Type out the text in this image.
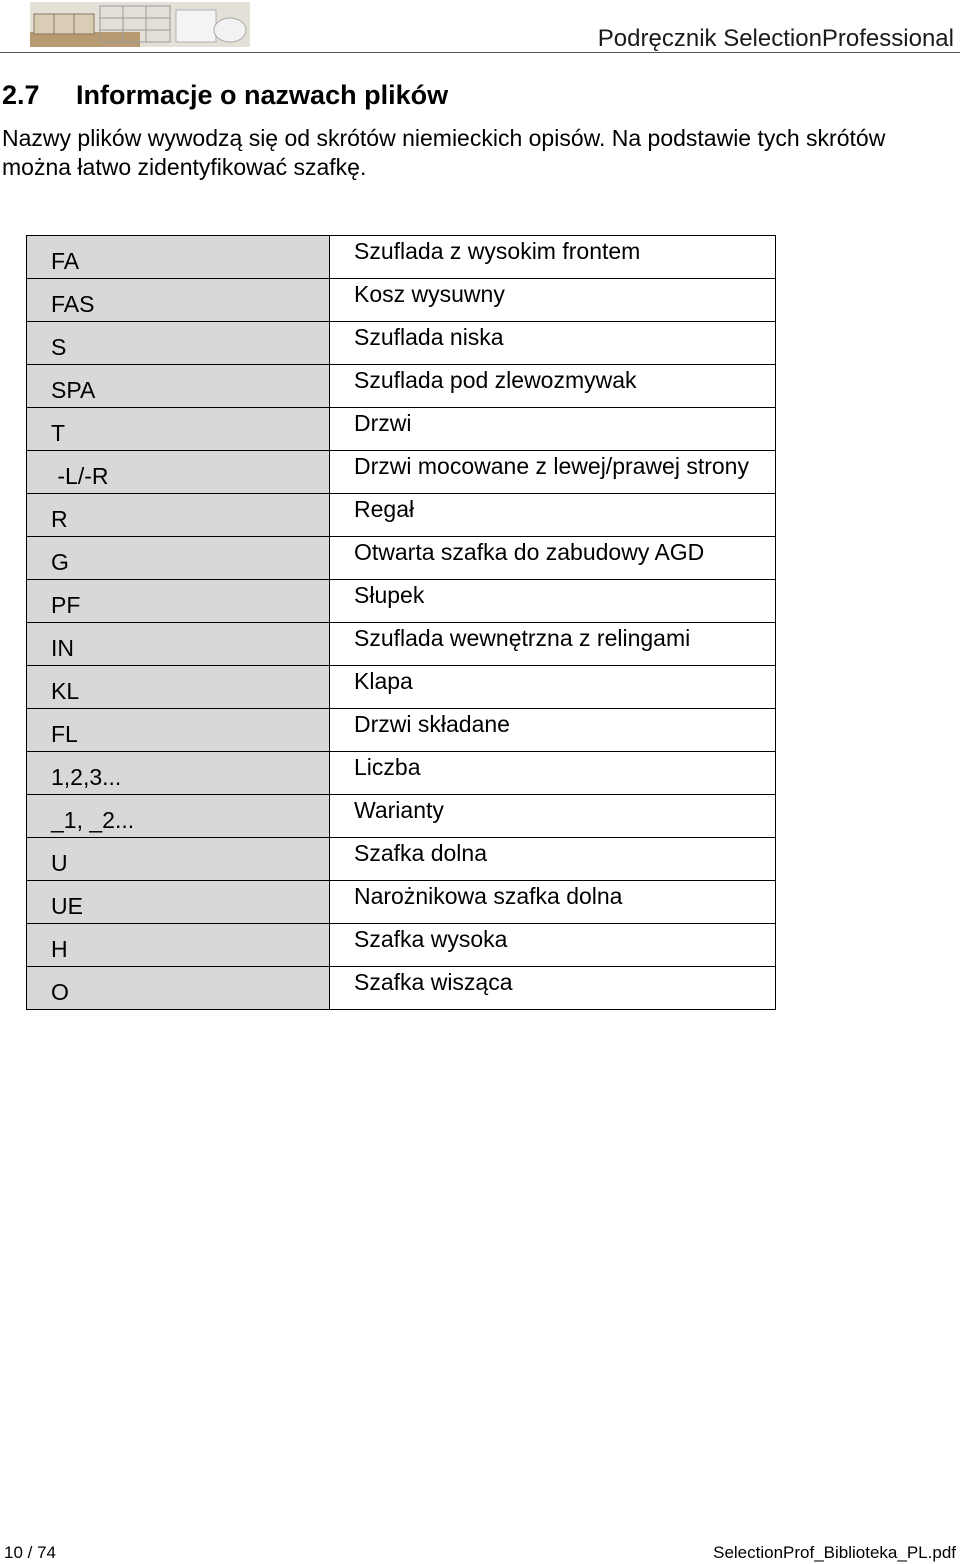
Podręcznik SelectionProfessional
2.7 Informacje o nazwach plików

Nazwy plików wywodzą się od skrótów niemieckich opisów. Na podstawie tych skrótów

można łatwo zidentyfikować szafkę.

FA	Szuflada z wysokim frontem
FAS	Kosz wysuwny
S	Szuflada niska
SPA	Szuflada pod zlewozmywak
T	Drzwi
-L/-R	Drzwi mocowane z lewej/prawej strony
R	Regał
G	Otwarta szafka do zabudowy AGD
PF	Słupek
IN	Szuflada wewnętrzna z relingami
KL	Klapa
FL	Drzwi składane
1,2,3...	Liczba
_1, _2...	Warianty
U	Szafka dolna
UE	Narożnikowa szafka dolna
H	Szafka wysoka
O	Szafka wisząca
10 / 74	SelectionProf_Biblioteka_PL.pdf
